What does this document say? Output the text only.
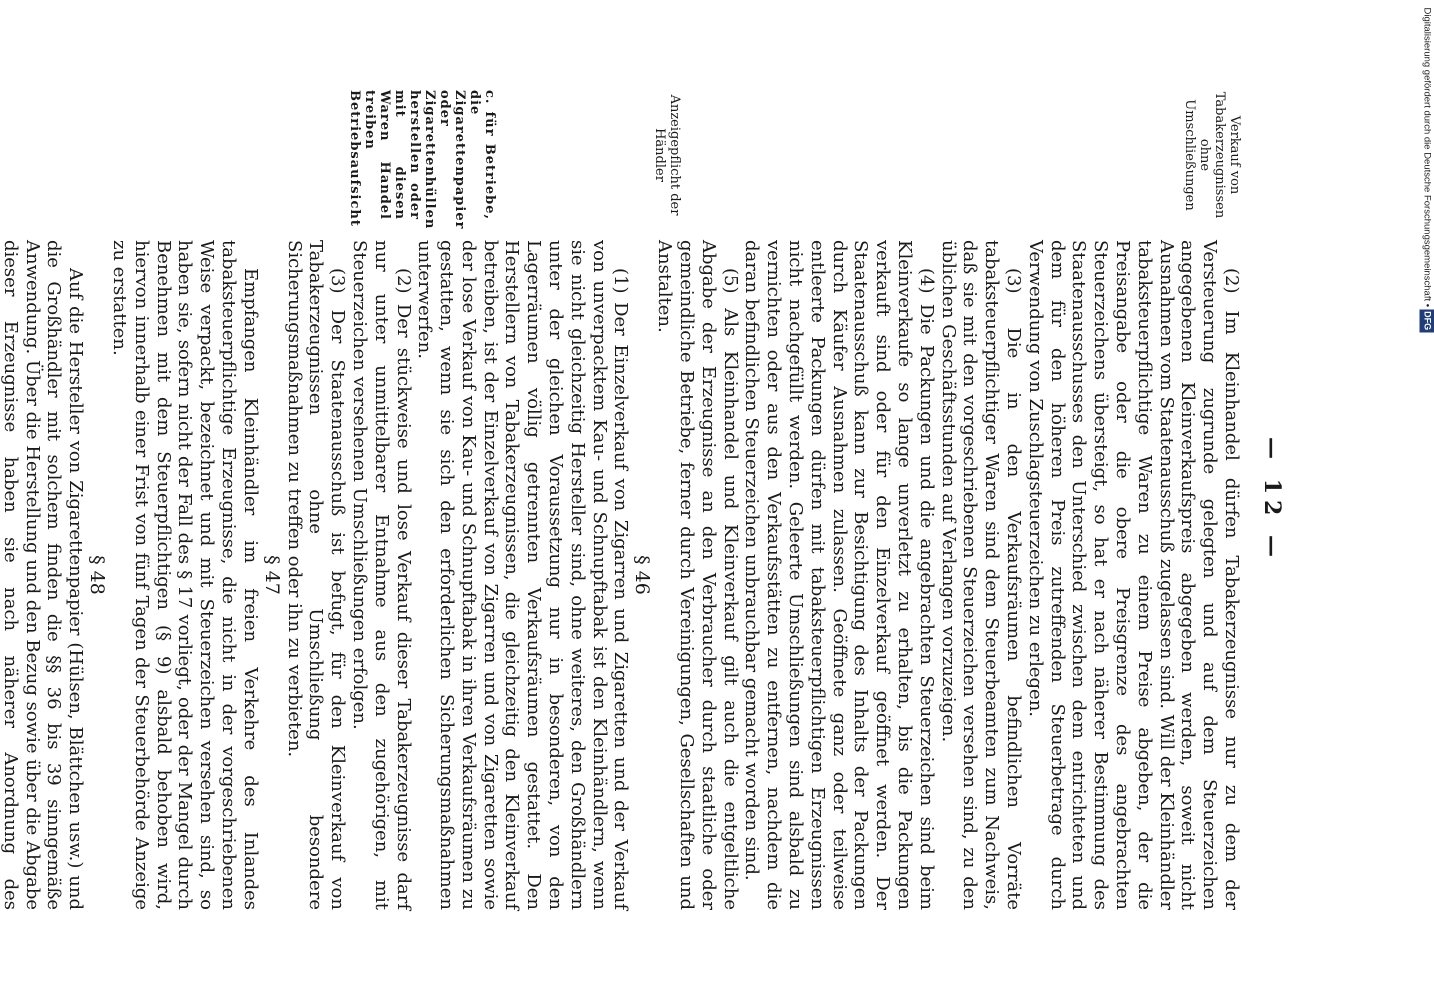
— 12 —
Verkauf von Tabakerzeugnissen ohne Umschließungen
Anzeigepflicht der Händler
c. für Betriebe, die Zigarettenpapier oder Zigarettenhüllen herstellen oder mit diesen Waren Handel treiben Betriebsaufsicht

(2) Im Kleinhandel dürfen Tabakerzeugnisse nur zu dem der Versteuerung zugrunde gelegten und auf dem Steuerzeichen angegebenen Kleinverkaufspreis abgegeben werden, soweit nicht Ausnahmen vom Staatenausschuß zugelassen sind. Will der Kleinhändler tabaksteuerpflichtige Waren zu einem Preise abgeben, der die Preisangabe oder die obere Preisgrenze des angebrachten Steuerzeichens übersteigt, so hat er nach näherer Bestimmung des Staatenausschusses den Unterschied zwischen dem entrichteten und dem für den höheren Preis zutreffenden Steuerbetrage durch Verwendung von Zuschlagsteuerzeichen zu erlegen.

(3) Die in den Verkaufsräumen befindlichen Vorräte tabaksteuerpflichtiger Waren sind dem Steuerbeamten zum Nachweis, daß sie mit den vorgeschriebenen Steuerzeichen versehen sind, zu den üblichen Geschäftsstunden auf Verlangen vorzuzeigen.

(4) Die Packungen und die angebrachten Steuerzeichen sind beim Kleinverkaufe so lange unverletzt zu erhalten, bis die Packungen verkauft sind oder für den Einzelverkauf geöffnet werden. Der Staatenausschuß kann zur Besichtigung des Inhalts der Packungen durch Käufer Ausnahmen zulassen. Geöffnete ganz oder teilweise entleerte Packungen dürfen mit tabaksteuerpflichtigen Erzeugnissen nicht nachgefüllt werden. Geleerte Umschließungen sind alsbald zu vernichten oder aus den Verkaufsstätten zu entfernen, nachdem die daran befindlichen Steuerzeichen unbrauchbar gemacht worden sind.

(5) Als Kleinhandel und Kleinverkauf gilt auch die entgeltliche Abgabe der Erzeugnisse an den Verbraucher durch staatliche oder gemeindliche Betriebe, ferner durch Vereinigungen, Gesellschaften und Anstalten.

§ 46

(1) Der Einzelverkauf von Zigarren und Zigaretten und der Verkauf von unverpacktem Kau- und Schnupftabak ist den Kleinhändlern, wenn sie nicht gleichzeitig Hersteller sind, ohne weiteres, den Großhändlern unter der gleichen Voraussetzung nur in besonderen, von den Lagerräumen völlig getrennten Verkaufsräumen gestattet. Den Herstellern von Tabakerzeugnissen, die gleichzeitig den Kleinverkauf betreiben, ist der Einzelverkauf von Zigarren und von Zigaretten sowie der lose Verkauf von Kau- und Schnupftabak in ihren Verkaufsräumen zu gestatten, wenn sie sich den erforderlichen Sicherungsmaßnahmen unterwerfen.

(2) Der stückweise und lose Verkauf dieser Tabakerzeugnisse darf nur unter unmittelbarer Entnahme aus den zugehörigen, mit Steuerzeichen versehenen Umschließungen erfolgen.

(3) Der Staatenausschuß ist befugt, für den Kleinverkauf von Tabakerzeugnissen ohne Umschließung besondere Sicherungsmaßnahmen zu treffen oder ihn zu verbieten.

§ 47

Empfangen Kleinhändler im freien Verkehre des Inlandes tabaksteuerpflichtige Erzeugnisse, die nicht in der vorgeschriebenen Weise verpackt, bezeichnet und mit Steuerzeichen versehen sind, so haben sie, sofern nicht der Fall des § 17 vorliegt, oder der Mangel durch Benehmen mit dem Steuerpflichtigen (§ 9) alsbald behoben wird, hiervon innerhalb einer Frist von fünf Tagen der Steuerbehörde Anzeige zu erstatten.

§ 48

Auf die Hersteller von Zigarettenpapier (Hülsen, Blättchen usw.) und die Großhändler mit solchem finden die §§ 36 bis 39 sinngemäße Anwendung. Über die Herstellung und den Bezug sowie über die Abgabe dieser Erzeugnisse haben sie nach näherer Anordnung des

Digitalisierung gefördert durch die Deutsche Forschungsgemeinschaft •DFG
